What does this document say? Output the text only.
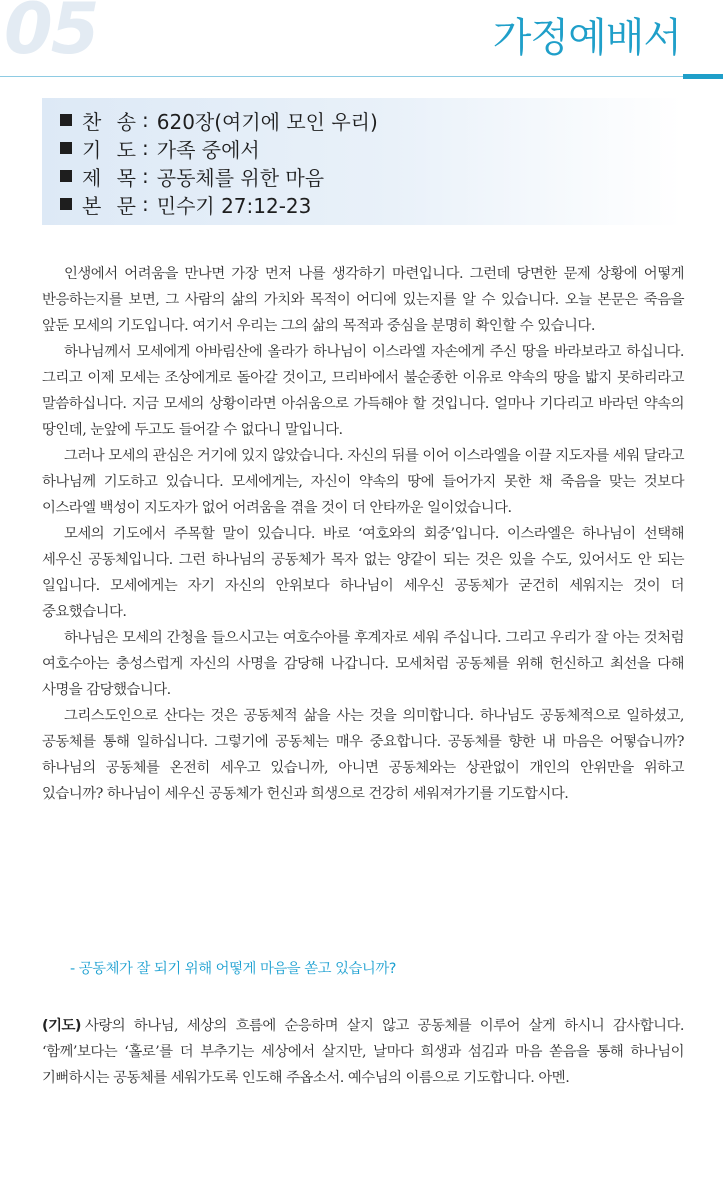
05	가정예배서
찬 송 : 620장(여기에 모인 우리)
기 도 : 가족 중에서
제 목 : 공동체를 위한 마음
본 문 : 민수기 27:12-23

인생에서 어려움을 만나면 가장 먼저 나를 생각하기 마련입니다. 그런데 당면한 문제 상황에 어떻게 반응하는지를 보면, 그 사람의 삶의 가치와 목적이 어디에 있는지를 알 수 있습니다. 오늘 본문은 죽음을 앞둔 모세의 기도입니다. 여기서 우리는 그의 삶의 목적과 중심을 분명히 확인할 수 있습니다.

하나님께서 모세에게 아바림산에 올라가 하나님이 이스라엘 자손에게 주신 땅을 바라보라고 하십니다. 그리고 이제 모세는 조상에게로 돌아갈 것이고, 므리바에서 불순종한 이유로 약속의 땅을 밟지 못하리라고 말씀하십니다. 지금 모세의 상황이라면 아쉬움으로 가득해야 할 것입니다. 얼마나 기다리고 바라던 약속의 땅인데, 눈앞에 두고도 들어갈 수 없다니 말입니다.

그러나 모세의 관심은 거기에 있지 않았습니다. 자신의 뒤를 이어 이스라엘을 이끌 지도자를 세워 달라고 하나님께 기도하고 있습니다. 모세에게는, 자신이 약속의 땅에 들어가지 못한 채 죽음을 맞는 것보다 이스라엘 백성이 지도자가 없어 어려움을 겪을 것이 더 안타까운 일이었습니다.

모세의 기도에서 주목할 말이 있습니다. 바로 ‘여호와의 회중’입니다. 이스라엘은 하나님이 선택해 세우신 공동체입니다. 그런 하나님의 공동체가 목자 없는 양같이 되는 것은 있을 수도, 있어서도 안 되는 일입니다. 모세에게는 자기 자신의 안위보다 하나님이 세우신 공동체가 굳건히 세워지는 것이 더 중요했습니다.

하나님은 모세의 간청을 들으시고는 여호수아를 후계자로 세워 주십니다. 그리고 우리가 잘 아는 것처럼 여호수아는 충성스럽게 자신의 사명을 감당해 나갑니다. 모세처럼 공동체를 위해 헌신하고 최선을 다해 사명을 감당했습니다.

그리스도인으로 산다는 것은 공동체적 삶을 사는 것을 의미합니다. 하나님도 공동체적으로 일하셨고, 공동체를 통해 일하십니다. 그렇기에 공동체는 매우 중요합니다. 공동체를 향한 내 마음은 어떻습니까? 하나님의 공동체를 온전히 세우고 있습니까, 아니면 공동체와는 상관없이 개인의 안위만을 위하고 있습니까? 하나님이 세우신 공동체가 헌신과 희생으로 건강히 세워져가기를 기도합시다.

- 공동체가 잘 되기 위해 어떻게 마음을 쏟고 있습니까?

(기도) 사랑의 하나님, 세상의 흐름에 순응하며 살지 않고 공동체를 이루어 살게 하시니 감사합니다. ‘함께’보다는 ‘홀로’를 더 부추기는 세상에서 살지만, 날마다 희생과 섬김과 마음 쏟음을 통해 하나님이 기뻐하시는 공동체를 세워가도록 인도해 주옵소서. 예수님의 이름으로 기도합니다. 아멘.
